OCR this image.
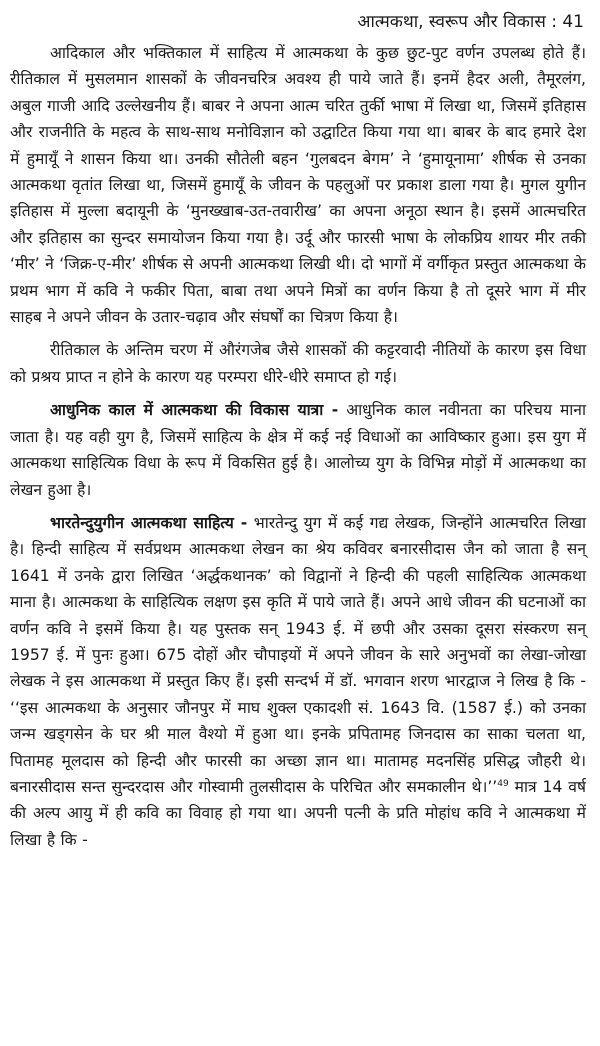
आत्मकथा, स्वरूप और विकास : 41

आदिकाल और भक्तिकाल में साहित्य में आत्मकथा के कुछ छुट-पुट वर्णन उपलब्ध होते हैं। रीतिकाल में मुसलमान शासकों के जीवनचरित्र अवश्य ही पाये जाते हैं। इनमें हैदर अली, तैमूरलंग, अबुल गाजी आदि उल्लेखनीय हैं। बाबर ने अपना आत्म चरित तुर्की भाषा में लिखा था, जिसमें इतिहास और राजनीति के महत्व के साथ-साथ मनोविज्ञान को उद्घाटित किया गया था। बाबर के बाद हमारे देश में हुमायूँ ने शासन किया था। उनकी सौतेली बहन ‘गुलबदन बेगम’ ने ‘हुमायूनामा’ शीर्षक से उनका आत्मकथा वृतांत लिखा था, जिसमें हुमायूँ के जीवन के पहलुओं पर प्रकाश डाला गया है। मुगल युगीन इतिहास में मुल्ला बदायूनी के ‘मुनख्खाब-उत-तवारीख’ का अपना अनूठा स्थान है। इसमें आत्मचरित और इतिहास का सुन्दर समायोजन किया गया है। उर्दू और फारसी भाषा के लोकप्रिय शायर मीर तकी ‘मीर’ ने ‘जिक्र-ए-मीर’ शीर्षक से अपनी आत्मकथा लिखी थी। दो भागों में वर्गीकृत प्रस्तुत आत्मकथा के प्रथम भाग में कवि ने फकीर पिता, बाबा तथा अपने मित्रों का वर्णन किया है तो दूसरे भाग में मीर साहब ने अपने जीवन के उतार-चढ़ाव और संघर्षों का चित्रण किया है।

रीतिकाल के अन्तिम चरण में औरंगजेब जैसे शासकों की कट्टरवादी नीतियों के कारण इस विधा को प्रश्रय प्राप्त न होने के कारण यह परम्परा धीरे-धीरे समाप्त हो गई।

आधुनिक काल में आत्मकथा की विकास यात्रा - आधुनिक काल नवीनता का परिचय माना जाता है। यह वही युग है, जिसमें साहित्य के क्षेत्र में कई नई विधाओं का आविष्कार हुआ। इस युग में आत्मकथा साहित्यिक विधा के रूप में विकसित हुई है। आलोच्य युग के विभिन्न मोड़ों में आत्मकथा का लेखन हुआ है।

भारतेन्दुयुगीन आत्मकथा साहित्य - भारतेन्दु युग में कई गद्य लेखक, जिन्होंने आत्मचरित लिखा है। हिन्दी साहित्य में सर्वप्रथम आत्मकथा लेखन का श्रेय कविवर बनारसीदास जैन को जाता है सन् 1641 में उनके द्वारा लिखित ‘अर्द्धकथानक’ को विद्वानों ने हिन्दी की पहली साहित्यिक आत्मकथा माना है। आत्मकथा के साहित्यिक लक्षण इस कृति में पाये जाते हैं। अपने आधे जीवन की घटनाओं का वर्णन कवि ने इसमें किया है। यह पुस्तक सन् 1943 ई. में छपी और उसका दूसरा संस्करण सन् 1957 ई. में पुनः हुआ। 675 दोहों और चौपाइयों में अपने जीवन के सारे अनुभवों का लेखा-जोखा लेखक ने इस आत्मकथा में प्रस्तुत किए हैं। इसी सन्दर्भ में डॉ. भगवान शरण भारद्वाज ने लिख है कि - ‘‘इस आत्मकथा के अनुसार जौनपुर में माघ शुक्ल एकादशी सं. 1643 वि. (1587 ई.) को उनका जन्म खड्गसेन के घर श्री माल वैश्यो में हुआ था। इनके प्रपितामह जिनदास का साका चलता था, पितामह मूलदास को हिन्दी और फारसी का अच्छा ज्ञान था। मातामह मदनसिंह प्रसिद्ध जौहरी थे। बनारसीदास सन्त सुन्दरदास और गोस्वामी तुलसीदास के परिचित और समकालीन थे।’’$^{49}$ मात्र 14 वर्ष की अल्प आयु में ही कवि का विवाह हो गया था। अपनी पत्नी के प्रति मोहांध कवि ने आत्मकथा में लिखा है कि -
